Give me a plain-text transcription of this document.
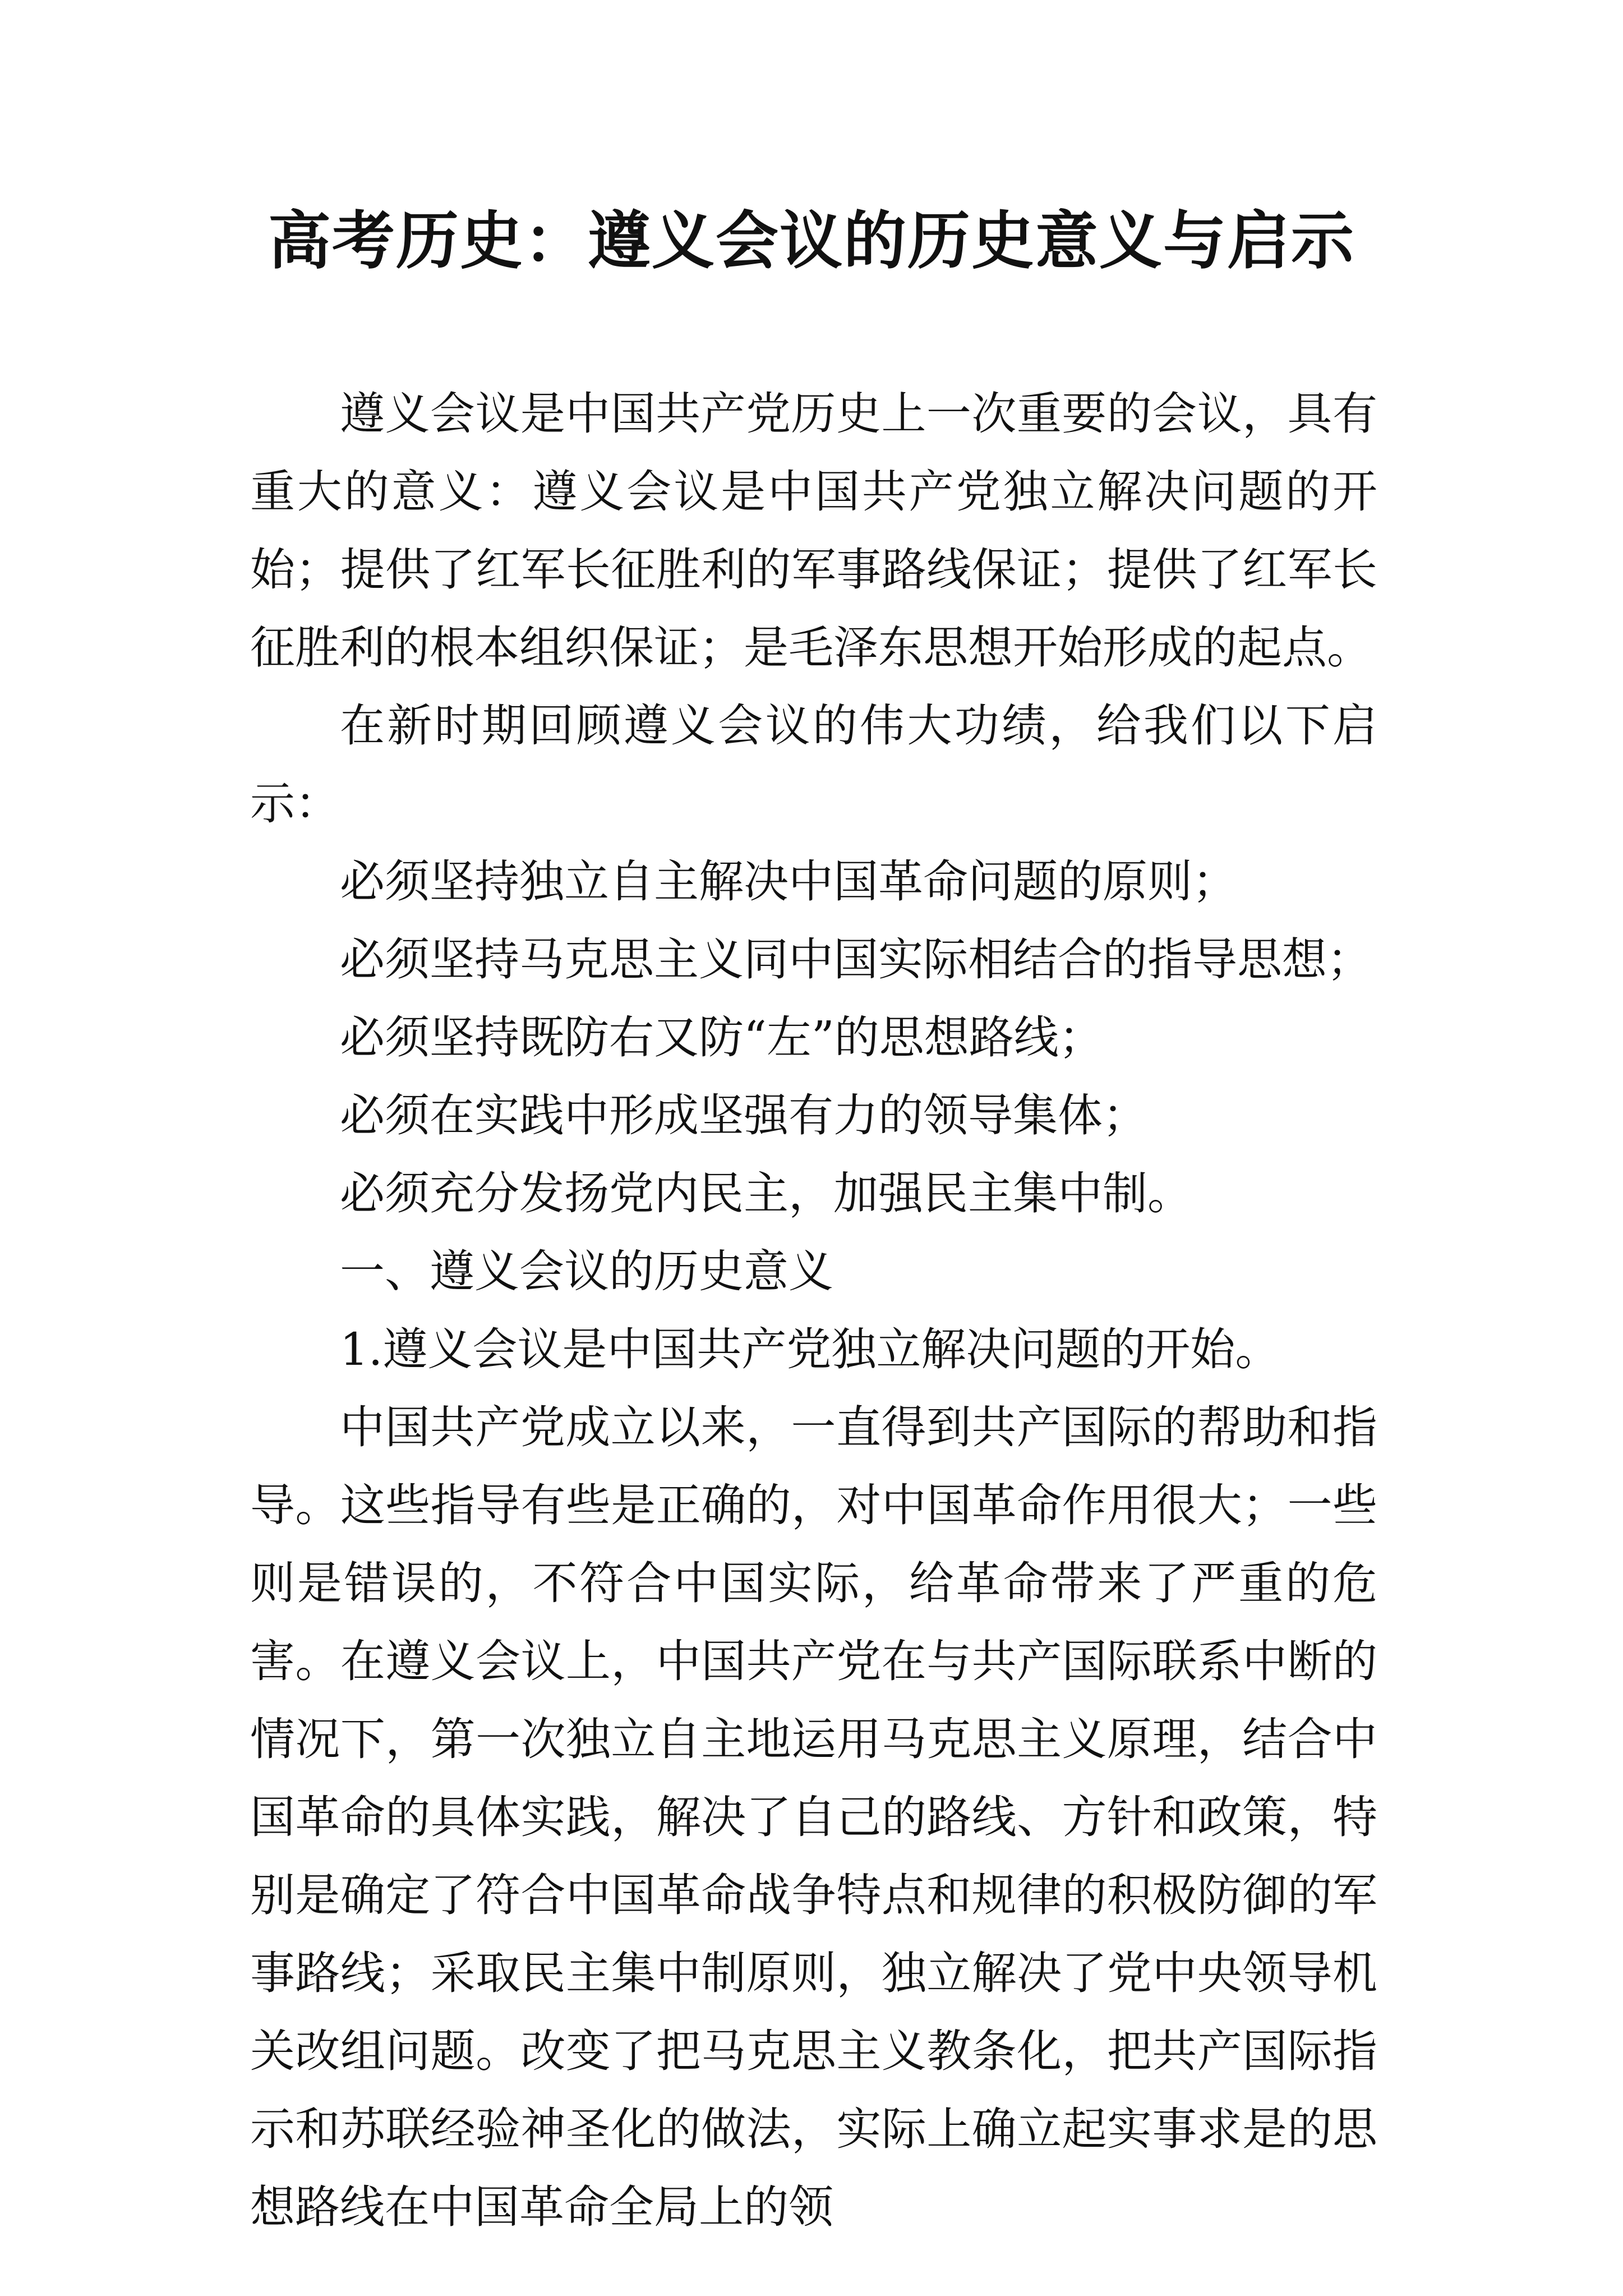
高考历史：遵义会议的历史意义与启示

遵义会议是中国共产党历史上一次重要的会议，具有重大的意义：遵义会议是中国共产党独立解决问题的开始；提供了红军长征胜利的军事路线保证；提供了红军长征胜利的根本组织保证；是毛泽东思想开始形成的起点。

在新时期回顾遵义会议的伟大功绩，给我们以下启示：

必须坚持独立自主解决中国革命问题的原则；

必须坚持马克思主义同中国实际相结合的指导思想；

必须坚持既防右又防“左”的思想路线；

必须在实践中形成坚强有力的领导集体；

必须充分发扬党内民主，加强民主集中制。

一、遵义会议的历史意义

1.遵义会议是中国共产党独立解决问题的开始。

中国共产党成立以来，一直得到共产国际的帮助和指导。这些指导有些是正确的，对中国革命作用很大；一些则是错误的，不符合中国实际，给革命带来了严重的危害。在遵义会议上，中国共产党在与共产国际联系中断的情况下，第一次独立自主地运用马克思主义原理，结合中国革命的具体实践，解决了自己的路线、方针和政策，特别是确定了符合中国革命战争特点和规律的积极防御的军事路线；采取民主集中制原则，独立解决了党中央领导机关改组问题。改变了把马克思主义教条化，把共产国际指示和苏联经验神圣化的做法，实际上确立起实事求是的思想路线在中国革命全局上的领
